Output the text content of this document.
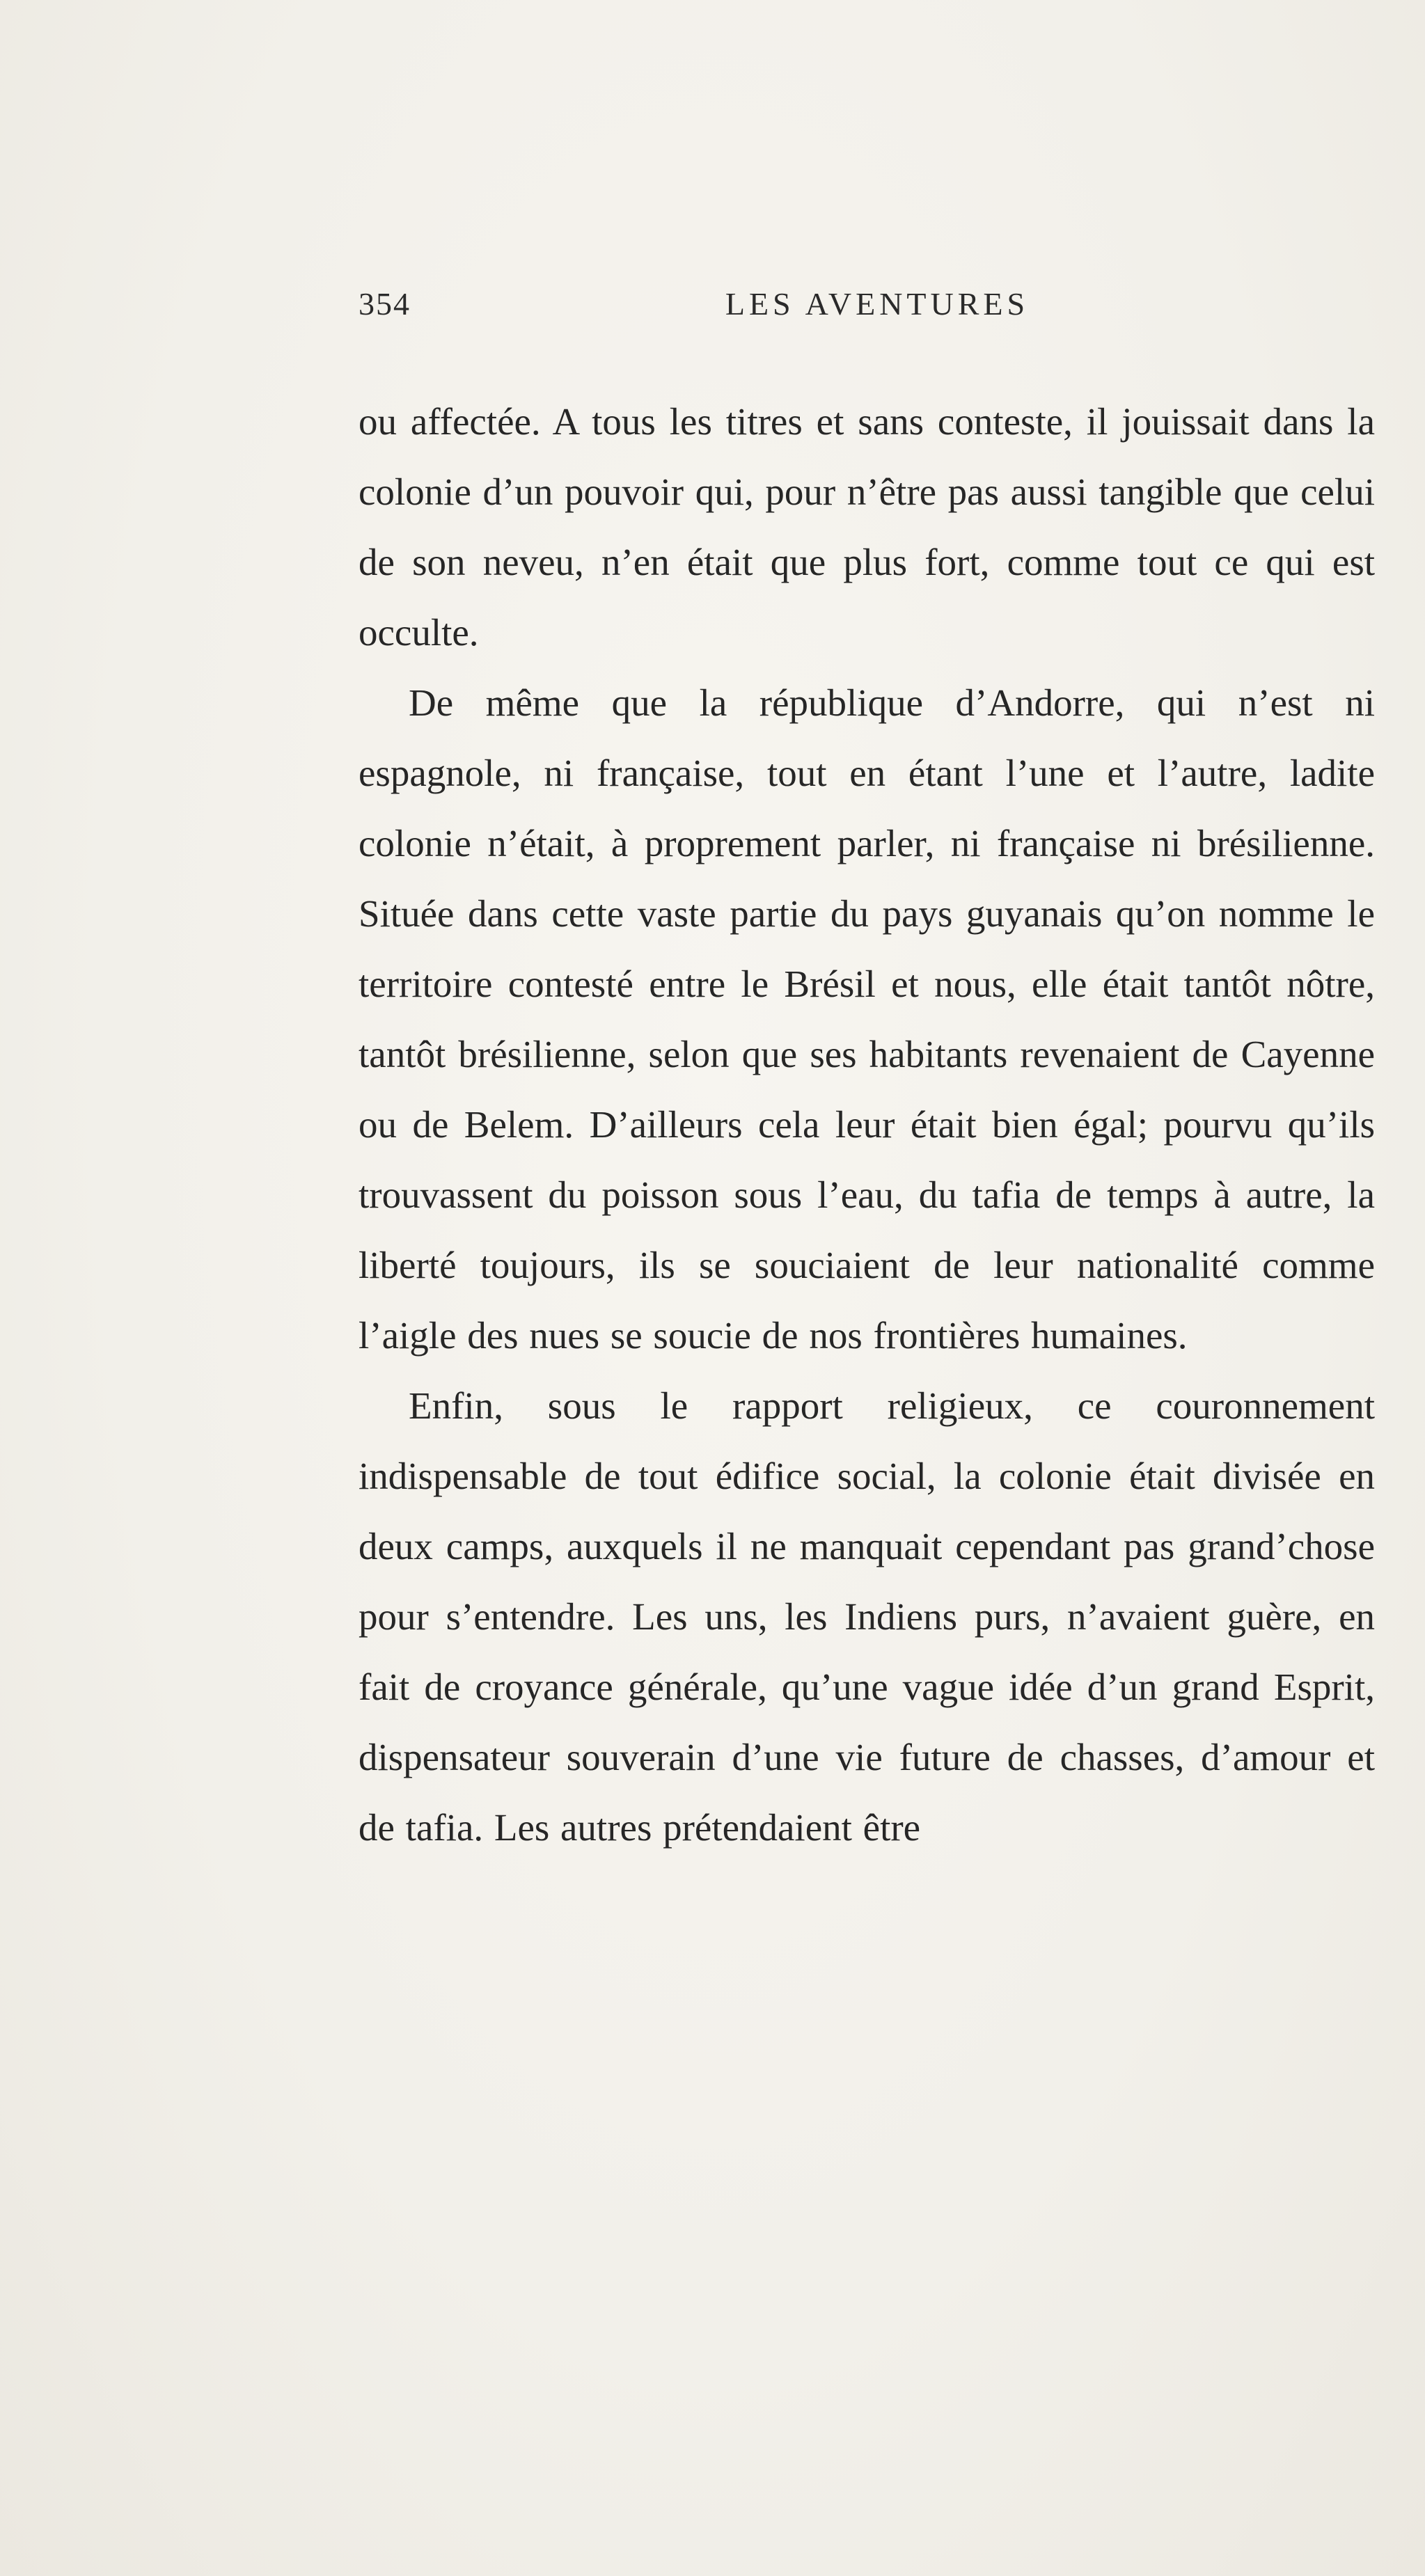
354	LES AVENTURES

ou affectée. A tous les titres et sans conteste, il jouissait dans la colonie d’un pouvoir qui, pour n’être pas aussi tangible que celui de son neveu, n’en était que plus fort, comme tout ce qui est occulte.

De même que la république d’Andorre, qui n’est ni espagnole, ni française, tout en étant l’une et l’autre, ladite colonie n’était, à proprement parler, ni française ni brésilienne. Située dans cette vaste partie du pays guyanais qu’on nomme le territoire contesté entre le Brésil et nous, elle était tantôt nôtre, tantôt brésilienne, selon que ses habitants revenaient de Cayenne ou de Belem. D’ailleurs cela leur était bien égal; pourvu qu’ils trouvassent du poisson sous l’eau, du tafia de temps à autre, la liberté toujours, ils se souciaient de leur nationalité comme l’aigle des nues se soucie de nos frontières humaines.

Enfin, sous le rapport religieux, ce couronnement indispensable de tout édifice social, la colonie était divisée en deux camps, auxquels il ne manquait cependant pas grand’chose pour s’entendre. Les uns, les Indiens purs, n’avaient guère, en fait de croyance générale, qu’une vague idée d’un grand Esprit, dispensateur souverain d’une vie future de chasses, d’amour et de tafia. Les autres prétendaient être
